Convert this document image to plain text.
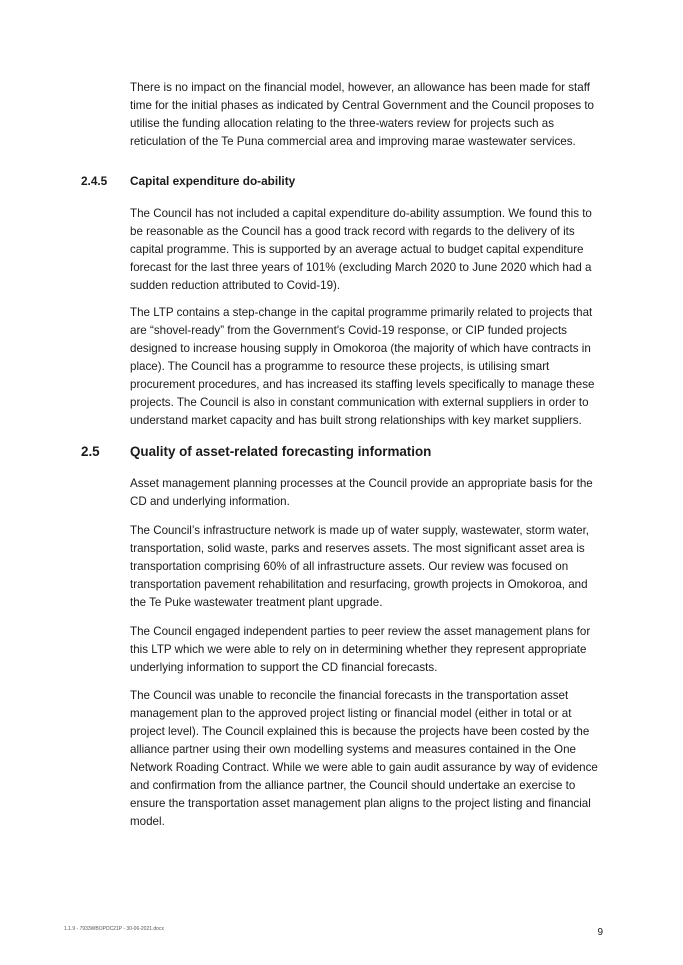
There is no impact on the financial model, however, an allowance has been made for staff time for the initial phases as indicated by Central Government and the Council proposes to utilise the funding allocation relating to the three-waters review for projects such as reticulation of the Te Puna commercial area and improving marae wastewater services.

2.4.5 Capital expenditure do-ability

The Council has not included a capital expenditure do-ability assumption. We found this to be reasonable as the Council has a good track record with regards to the delivery of its capital programme. This is supported by an average actual to budget capital expenditure forecast for the last three years of 101% (excluding March 2020 to June 2020 which had a sudden reduction attributed to Covid-19).

The LTP contains a step-change in the capital programme primarily related to projects that are “shovel-ready” from the Government's Covid-19 response, or CIP funded projects designed to increase housing supply in Omokoroa (the majority of which have contracts in place). The Council has a programme to resource these projects, is utilising smart procurement procedures, and has increased its staffing levels specifically to manage these projects. The Council is also in constant communication with external suppliers in order to understand market capacity and has built strong relationships with key market suppliers.

2.5 Quality of asset-related forecasting information

Asset management planning processes at the Council provide an appropriate basis for the CD and underlying information.

The Council’s infrastructure network is made up of water supply, wastewater, storm water, transportation, solid waste, parks and reserves assets. The most significant asset area is transportation comprising 60% of all infrastructure assets. Our review was focused on transportation pavement rehabilitation and resurfacing, growth projects in Omokoroa, and the Te Puke wastewater treatment plant upgrade.

The Council engaged independent parties to peer review the asset management plans for this LTP which we were able to rely on in determining whether they represent appropriate underlying information to support the CD financial forecasts.

The Council was unable to reconcile the financial forecasts in the transportation asset management plan to the approved project listing or financial model (either in total or at project level). The Council explained this is because the projects have been costed by the alliance partner using their own modelling systems and measures contained in the One Network Roading Contract. While we were able to gain audit assurance by way of evidence and confirmation from the alliance partner, the Council should undertake an exercise to ensure the transportation asset management plan aligns to the project listing and financial model.

1.1.9 - 7933WBOPDC21P - 30-06-2021.docx	9
